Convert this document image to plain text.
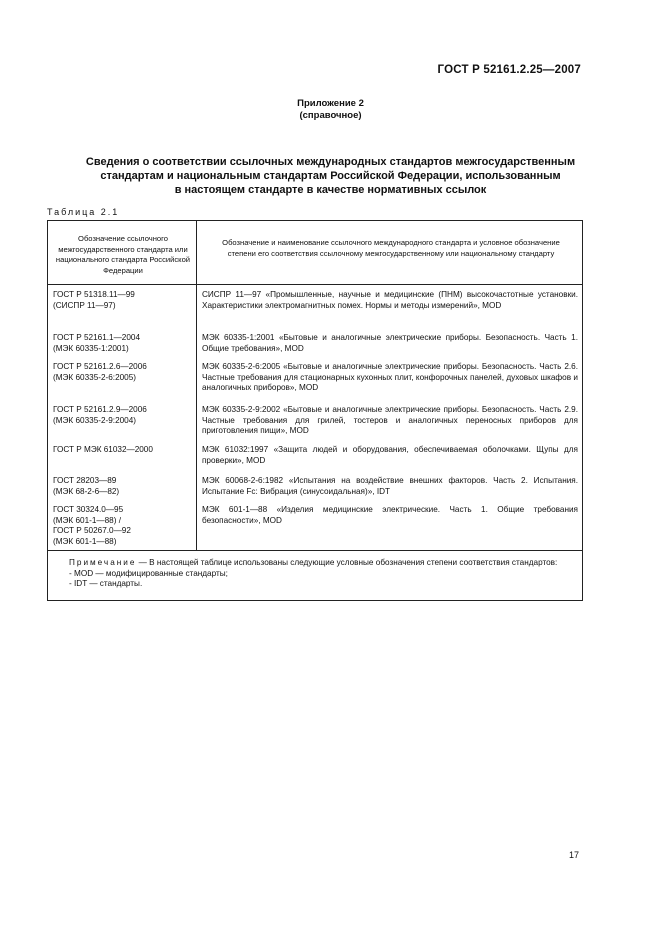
ГОСТ Р 52161.2.25—2007
Приложение 2
(справочное)
Сведения о соответствии ссылочных международных стандартов межгосударственным
стандартам и национальным стандартам Российской Федерации, использованным
в настоящем стандарте в качестве нормативных ссылок
Таблица 2.1
Обозначение ссылочного межгосударственного стандарта или национального стандарта Российской Федерации
Обозначение и наименование ссылочного международного стандарта и условное обозначение степени его соответствия ссылочному межгосударственному или национальному стандарту
ГОСТ Р 51318.11—99
(СИСПР 11—97)
СИСПР 11—97 «Промышленные, научные и медицинские (ПНМ) высокочастотные установки. Характеристики электромагнитных помех. Нормы и методы измерений», MOD
ГОСТ Р 52161.1—2004
(МЭК 60335-1:2001)
МЭК 60335-1:2001 «Бытовые и аналогичные электрические приборы. Безопасность. Часть 1. Общие требования», MOD
ГОСТ Р 52161.2.6—2006
(МЭК 60335-2-6:2005)
МЭК 60335-2-6:2005 «Бытовые и аналогичные электрические приборы. Безопасность. Часть 2.6. Частные требования для стационарных кухонных плит, конфорочных панелей, духовых шкафов и аналогичных приборов», MOD
ГОСТ Р 52161.2.9—2006
(МЭК 60335-2-9:2004)
МЭК 60335-2-9:2002 «Бытовые и аналогичные электрические приборы. Безопасность. Часть 2.9. Частные требования для грилей, тостеров и аналогичных переносных приборов для приготовления пищи», MOD
ГОСТ Р МЭК 61032—2000	МЭК 61032:1997 «Защита людей и оборудования, обеспечиваемая оболочками. Щупы для проверки», MOD
ГОСТ 28203—89
(МЭК 68-2-6—82)
МЭК 60068-2-6:1982 «Испытания на воздействие внешних факторов. Часть 2. Испытания. Испытание Fc: Вибрация (синусоидальная)», IDT
ГОСТ 30324.0—95
(МЭК 601-1—88) /
ГОСТ Р 50267.0—92
(МЭК 601-1—88)
МЭК 601-1—88 «Изделия медицинские электрические. Часть 1. Общие требования безопасности», MOD
Примечание — В настоящей таблице использованы следующие условные обозначения степени соответствия стандартов:
- MOD — модифицированные стандарты;
- IDT — стандарты.
17
